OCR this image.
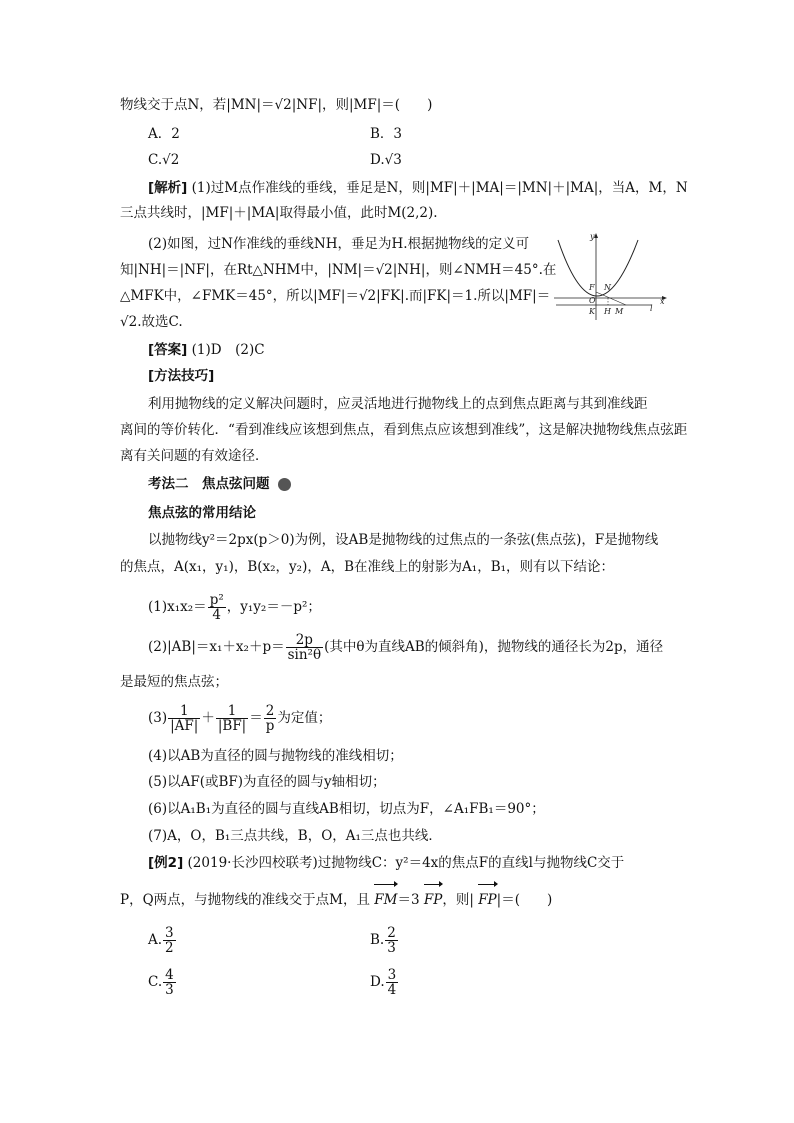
物线交于点N，若|MN|＝√2|NF|，则|MF|＝(　　)
A．2	B．3
C.√2	D.√3
[解析] (1)过M点作准线的垂线，垂足是N，则|MF|＋|MA|＝|MN|＋|MA|，当A，M，N
三点共线时，|MF|＋|MA|取得最小值，此时M(2,2).
(2)如图，过N作准线的垂线NH，垂足为H.根据抛物线的定义可
知|NH|＝|NF|，在Rt△NHM中，|NM|＝√2|NH|，则∠NMH＝45°.在
△MFK中，∠FMK＝45°，所以|MF|＝√2|FK|.而|FK|＝1.所以|MF|＝
√2.故选C.
y
x
l
F N
O
K H M
[答案] (1)D　(2)C
[方法技巧]
利用抛物线的定义解决问题时，应灵活地进行抛物线上的点到焦点距离与其到准线距
离间的等价转化．“看到准线应该想到焦点，看到焦点应该想到准线”，这是解决抛物线焦点弦距
离有关问题的有效途径．
考法二　焦点弦问题
焦点弦的常用结论
以抛物线y²＝2px(p＞0)为例，设AB是抛物线的过焦点的一条弦(焦点弦)，F是抛物线
的焦点，A(x₁，y₁)，B(x₂，y₂)，A，B在准线上的射影为A₁，B₁，则有以下结论：
$(1)x_1x_2= \frac{\text{p²}}{4}$ ，y₁y₂＝－p²；
$(2)|AB|=x_1+x_2+p= \frac{2p}{\text{sin²θ}}$ (其中θ为直线AB的倾斜角)，抛物线的通径长为2p，通径
是最短的焦点弦；
$(3) \frac{1}{|AF|} + \frac{1}{|BF|} = \frac{2}{p}$ 为定值；
(4)以AB为直径的圆与抛物线的准线相切；
(5)以AF(或BF)为直径的圆与y轴相切；
(6)以A₁B₁为直径的圆与直线AB相切，切点为F，∠A₁FB₁＝90°；
(7)A，O，B₁三点共线，B，O，A₁三点也共线．
[例2] (2019·长沙四校联考)过抛物线C：y²＝4x的焦点F的直线l与抛物线C交于
P，Q两点，与抛物线的准线交于点M，且 FM＝3 FP，则| FP|＝(　　)
A. $\frac{3}{2}$	B. $\frac{2}{3}$
C. $\frac{4}{3}$	D. $\frac{3}{4}$
